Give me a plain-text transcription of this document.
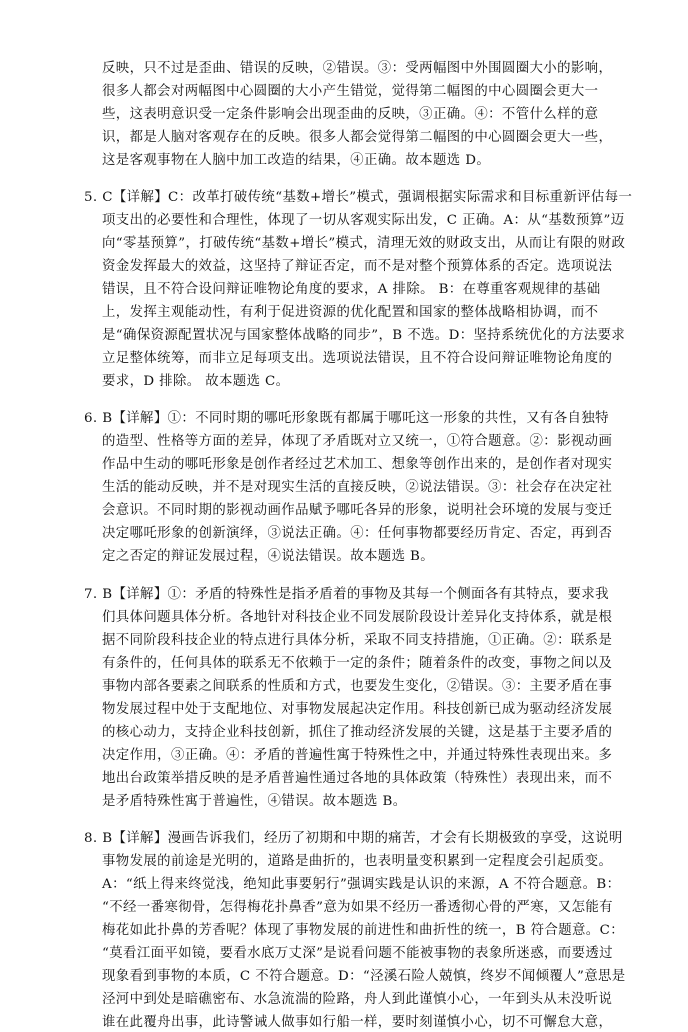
反映，只不过是歪曲、错误的反映，②错误。③：受两幅图中外围圆圈大小的影响，
很多人都会对两幅图中心圆圈的大小产生错觉，觉得第二幅图的中心圆圈会更大一
些，这表明意识受一定条件影响会出现歪曲的反映，③正确。④：不管什么样的意
识，都是人脑对客观存在的反映。很多人都会觉得第二幅图的中心圆圈会更大一些，
这是客观事物在人脑中加工改造的结果，④正确。故本题选 D。
5. C【详解】C：改革打破传统“基数+增长”模式，强调根据实际需求和目标重新评估每一
项支出的必要性和合理性，体现了一切从客观实际出发，C 正确。A：从“基数预算”迈
向“零基预算”，打破传统“基数+增长”模式，清理无效的财政支出，从而让有限的财政
资金发挥最大的效益，这坚持了辩证否定，而不是对整个预算体系的否定。选项说法
错误，且不符合设问辩证唯物论角度的要求，A 排除。 B：在尊重客观规律的基础
上，发挥主观能动性，有利于促进资源的优化配置和国家的整体战略相协调，而不
是“确保资源配置状况与国家整体战略的同步”，B 不选。D：坚持系统优化的方法要求
立足整体统筹，而非立足每项支出。选项说法错误，且不符合设问辩证唯物论角度的
要求，D 排除。 故本题选 C。
6. B【详解】①：不同时期的哪吒形象既有都属于哪吒这一形象的共性，又有各自独特
的造型、性格等方面的差异，体现了矛盾既对立又统一，①符合题意。②：影视动画
作品中生动的哪吒形象是创作者经过艺术加工、想象等创作出来的，是创作者对现实
生活的能动反映，并不是对现实生活的直接反映，②说法错误。③：社会存在决定社
会意识。不同时期的影视动画作品赋予哪吒各异的形象，说明社会环境的发展与变迁
决定哪吒形象的创新演绎，③说法正确。④：任何事物都要经历肯定、否定，再到否
定之否定的辩证发展过程，④说法错误。故本题选 B。
7. B【详解】①：矛盾的特殊性是指矛盾着的事物及其每一个侧面各有其特点，要求我
们具体问题具体分析。各地针对科技企业不同发展阶段设计差异化支持体系，就是根
据不同阶段科技企业的特点进行具体分析，采取不同支持措施，①正确。②：联系是
有条件的，任何具体的联系无不依赖于一定的条件；随着条件的改变，事物之间以及
事物内部各要素之间联系的性质和方式，也要发生变化，②错误。③：主要矛盾在事
物发展过程中处于支配地位、对事物发展起决定作用。科技创新已成为驱动经济发展
的核心动力，支持企业科技创新，抓住了推动经济发展的关键，这是基于主要矛盾的
决定作用，③正确。④：矛盾的普遍性寓于特殊性之中，并通过特殊性表现出来。多
地出台政策举措反映的是矛盾普遍性通过各地的具体政策（特殊性）表现出来，而不
是矛盾特殊性寓于普遍性，④错误。故本题选 B。
8. B【详解】漫画告诉我们，经历了初期和中期的痛苦，才会有长期极致的享受，这说明
事物发展的前途是光明的，道路是曲折的，也表明量变积累到一定程度会引起质变。
A：“纸上得来终觉浅，绝知此事要躬行”强调实践是认识的来源，A 不符合题意。B：
“不经一番寒彻骨，怎得梅花扑鼻香”意为如果不经历一番透彻心骨的严寒，又怎能有
梅花如此扑鼻的芳香呢？体现了事物发展的前进性和曲折性的统一，B 符合题意。C：
“莫看江面平如镜，要看水底万丈深”是说看问题不能被事物的表象所迷惑，而要透过
现象看到事物的本质，C 不符合题意。D：“泾溪石险人兢慎，终岁不闻倾覆人”意思是
泾河中到处是暗礁密布、水急流湍的险路，舟人到此谨慎小心，一年到头从未没听说
谁在此覆舟出事，此诗警诫人做事如行船一样，要时刻谨慎小心，切不可懈怠大意，
